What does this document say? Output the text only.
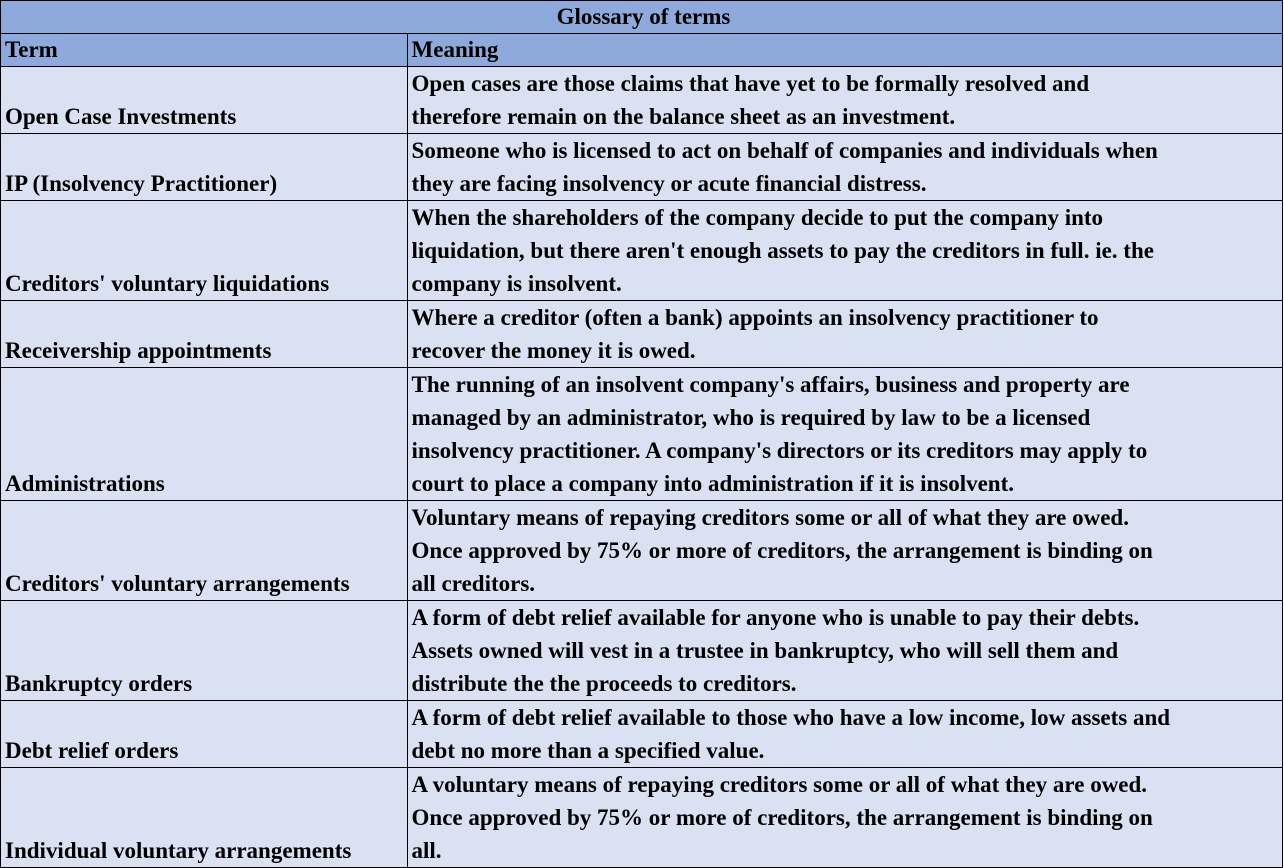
Glossary of terms	
Term	Meaning
Open Case Investments	Open cases are those claims that have yet to be formally resolved and
therefore remain on the balance sheet as an investment.

IP (Insolvency Practitioner)	Someone who is licensed to act on behalf of companies and individuals when
they are facing insolvency or acute financial distress.

Creditors' voluntary liquidations	When the shareholders of the company decide to put the company into
liquidation, but there aren't enough assets to pay the creditors in full. ie. the
company is insolvent.

Receivership appointments	Where a creditor (often a bank) appoints an insolvency practitioner to
recover the money it is owed.

Administrations	The running of an insolvent company's affairs, business and property are
managed by an administrator, who is required by law to be a licensed
insolvency practitioner. A company's directors or its creditors may apply to
court to place a company into administration if it is insolvent.

Creditors' voluntary arrangements	Voluntary means of repaying creditors some or all of what they are owed.
Once approved by 75% or more of creditors, the arrangement is binding on
all creditors.

Bankruptcy orders	A form of debt relief available for anyone who is unable to pay their debts.
Assets owned will vest in a trustee in bankruptcy, who will sell them and
distribute the the proceeds to creditors.

Debt relief orders	A form of debt relief available to those who have a low income, low assets and
debt no more than a specified value.

Individual voluntary arrangements	A voluntary means of repaying creditors some or all of what they are owed.
Once approved by 75% or more of creditors, the arrangement is binding on
all.
